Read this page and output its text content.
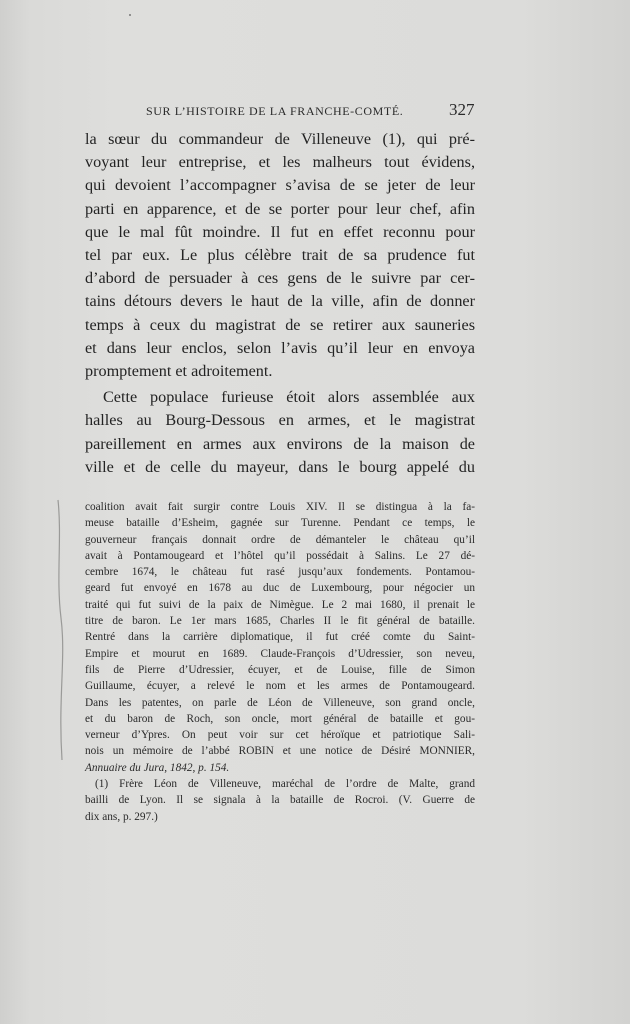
SUR L’HISTOIRE DE LA FRANCHE-COMTÉ.	327
la sœur du commandeur de Villeneuve (1), qui pré-
voyant leur entreprise, et les malheurs tout évidens,
qui devoient l’accompagner s’avisa de se jeter de leur
parti en apparence, et de se porter pour leur chef, afin
que le mal fût moindre. Il fut en effet reconnu pour
tel par eux. Le plus célèbre trait de sa prudence fut
d’abord de persuader à ces gens de le suivre par cer-
tains détours devers le haut de la ville, afin de donner
temps à ceux du magistrat de se retirer aux sauneries
et dans leur enclos, selon l’avis qu’il leur en envoya
promptement et adroitement.
Cette populace furieuse étoit alors assemblée aux
halles au Bourg-Dessous en armes, et le magistrat
pareillement en armes aux environs de la maison de
ville et de celle du mayeur, dans le bourg appelé du
coalition avait fait surgir contre Louis XIV. Il se distingua à la fa-
meuse bataille d’Esheim, gagnée sur Turenne. Pendant ce temps, le
gouverneur français donnait ordre de démanteler le château qu’il
avait à Pontamougeard et l’hôtel qu’il possédait à Salins. Le 27 dé-
cembre 1674, le château fut rasé jusqu’aux fondements. Pontamou-
geard fut envoyé en 1678 au duc de Luxembourg, pour négocier un
traité qui fut suivi de la paix de Nimègue. Le 2 mai 1680, il prenait le
titre de baron. Le 1er mars 1685, Charles II le fit général de bataille.
Rentré dans la carrière diplomatique, il fut créé comte du Saint-
Empire et mourut en 1689. Claude-François d’Udressier, son neveu,
fils de Pierre d’Udressier, écuyer, et de Louise, fille de Simon
Guillaume, écuyer, a relevé le nom et les armes de Pontamougeard.
Dans les patentes, on parle de Léon de Villeneuve, son grand oncle,
et du baron de Roch, son oncle, mort général de bataille et gou-
verneur d’Ypres. On peut voir sur cet héroïque et patriotique Sali-
nois un mémoire de l’abbé ROBIN et une notice de Désiré MONNIER,
Annuaire du Jura, 1842, p. 154.
(1) Frère Léon de Villeneuve, maréchal de l’ordre de Malte, grand
bailli de Lyon. Il se signala à la bataille de Rocroi. (V. Guerre de
dix ans, p. 297.)
